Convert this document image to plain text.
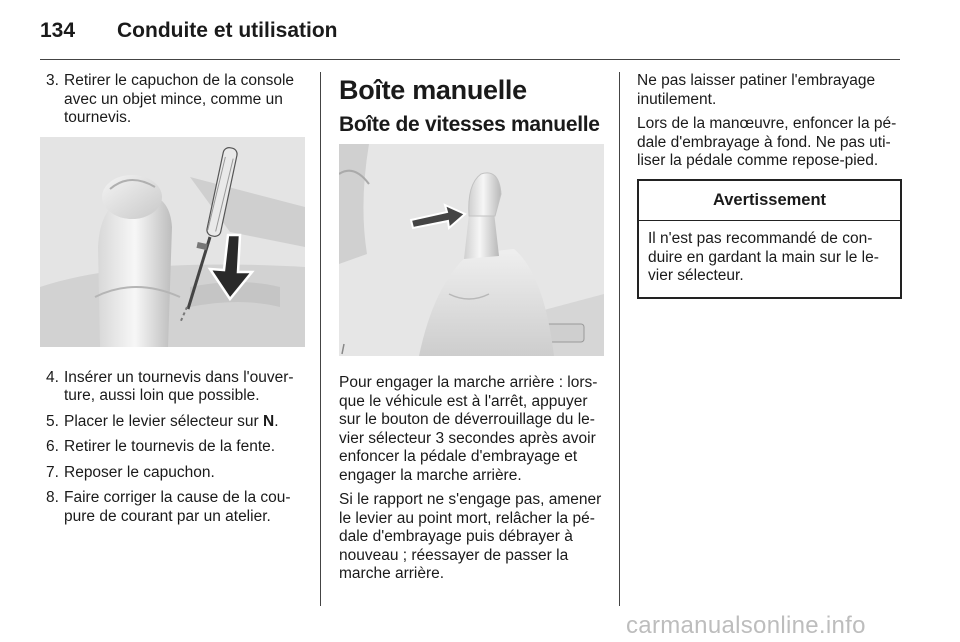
134 Conduite et utilisation
3. Retirer le capuchon de la console avec un objet mince, comme un tournevis.
4. Insérer un tournevis dans l'ouver-ture, aussi loin que possible.
5. Placer le levier sélecteur sur N.
6. Retirer le tournevis de la fente.
7. Reposer le capuchon.
8. Faire corriger la cause de la cou-pure de courant par un atelier.
Boîte manuelle
Boîte de vitesses manuelle

Pour engager la marche arrière : lors-que le véhicule est à l'arrêt, appuyer sur le bouton de déverrouillage du le-vier sélecteur 3 secondes après avoir enfoncer la pédale d'embrayage et engager la marche arrière.

Si le rapport ne s'engage pas, amener le levier au point mort, relâcher la pé-dale d'embrayage puis débrayer à nouveau ; réessayer de passer la marche arrière.

Ne pas laisser patiner l'embrayage inutilement.

Lors de la manœuvre, enfoncer la pé-dale d'embrayage à fond. Ne pas uti-liser la pédale comme repose-pied.

Avertissement
Il n'est pas recommandé de con-duire en gardant la main sur le le-vier sélecteur.
carmanualsonline.info
